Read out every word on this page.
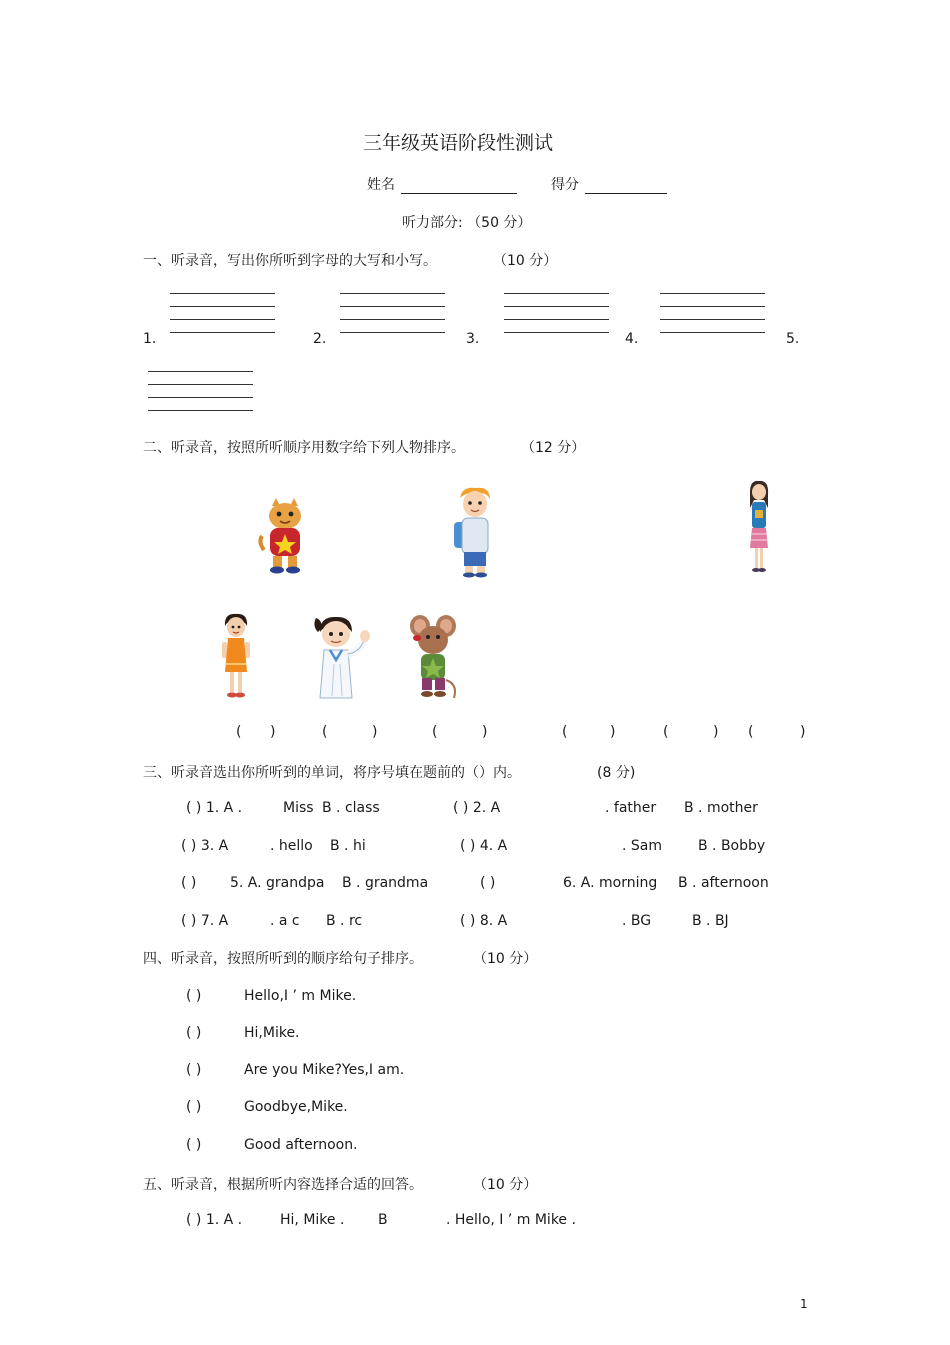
三年级英语阶段性测试
姓名	得分
听力部分: （50 分）
一、听录音，写出你所听到字母的大写和小写。	（10 分）
1.	2.	3.	4.	5.
二、听录音，按照所听顺序用数字给下列人物排序。	（12 分）
( )	(	)	(	)	(	)	(	) (	)
三、听录音选出你所听到的单词，将序号填在题前的（）内。	(8 分)
( ) 1. A .	Miss B . class	( ) 2. A	. father B . mother
( ) 3. A	. hello B . hi	( ) 4. A	. Sam	B . Bobby
( ) 5. A. grandpa B . grandma	( )	6. A. morning B . afternoon
( ) 7. A	. a c B . rc	( ) 8. A	. BG	B . BJ
四、听录音，按照所听到的顺序给句子排序。	（10 分）
( )	Hello,I ’ m Mike.
( )	Hi,Mike.
( )	Are you Mike?Yes,I am.
( )	Goodbye,Mike.
( )	Good afternoon.
五、听录音，根据所听内容选择合适的回答。	（10 分）
( ) 1. A .	Hi, Mike . B	. Hello, I ’ m Mike .
1
